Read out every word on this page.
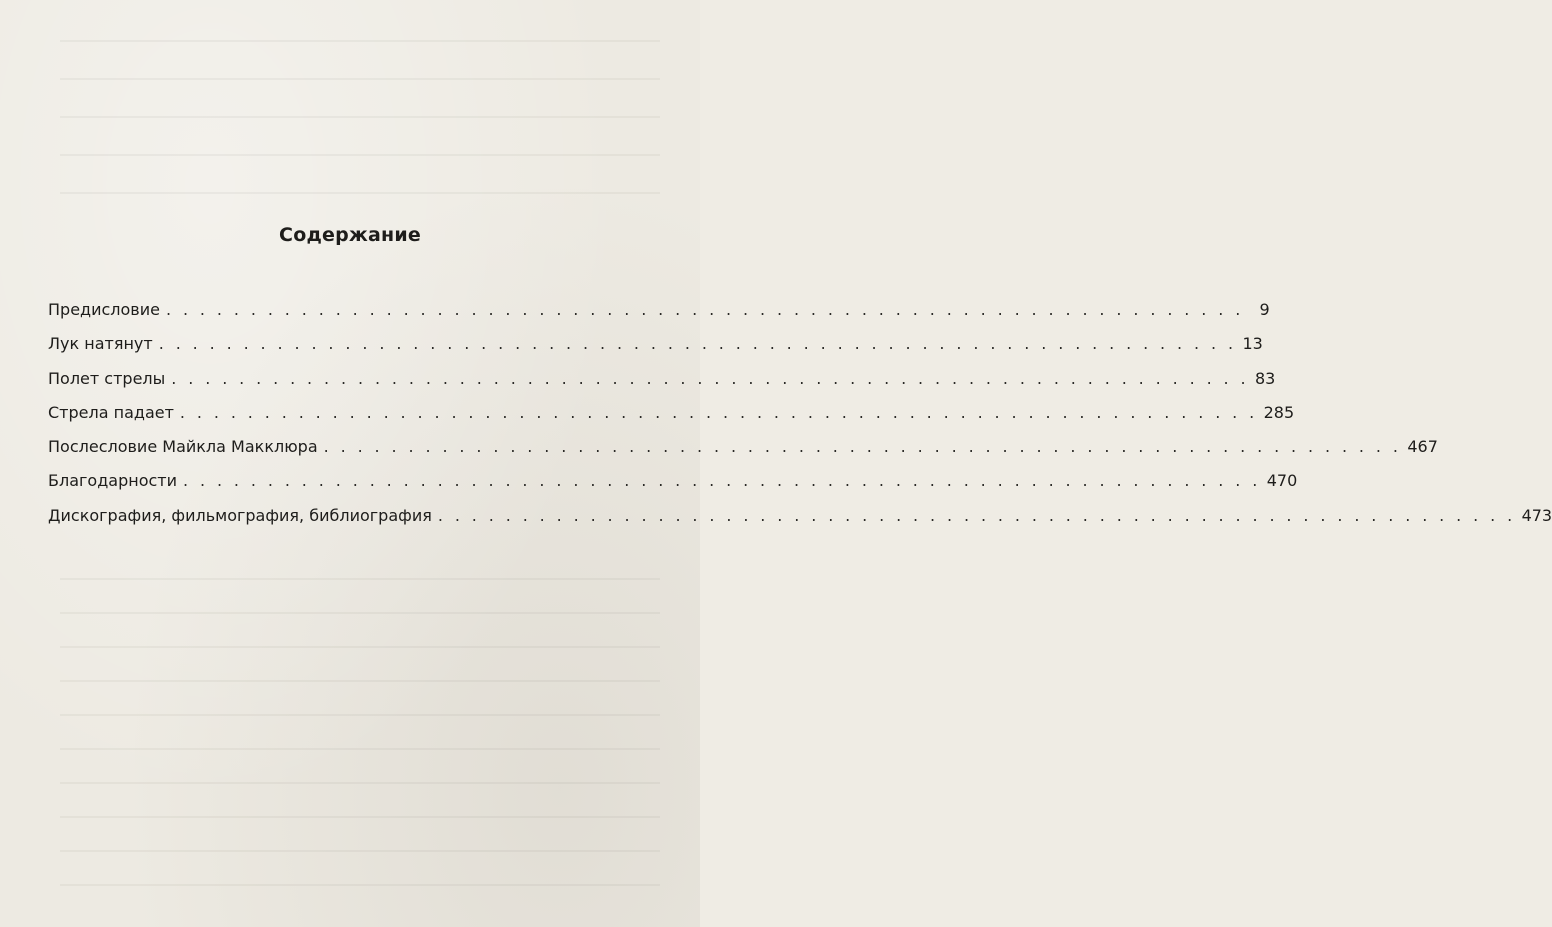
Содержание
Предисловие . . . . . . . . . . . . . . . . . . . . . . . . . . . . . . . . . . . . . . . . . . . . . . . . . . . . . . . . . . . . . . . . 9
Лук натянут . . . . . . . . . . . . . . . . . . . . . . . . . . . . . . . . . . . . . . . . . . . . . . . . . . . . . . . . . . . . . . . . 13
Полет стрелы . . . . . . . . . . . . . . . . . . . . . . . . . . . . . . . . . . . . . . . . . . . . . . . . . . . . . . . . . . . . . . . . 83
Стрела падает . . . . . . . . . . . . . . . . . . . . . . . . . . . . . . . . . . . . . . . . . . . . . . . . . . . . . . . . . . . . . . . . 285
Послесловие Майкла Макклюра . . . . . . . . . . . . . . . . . . . . . . . . . . . . . . . . . . . . . . . . . . . . . . . . . . . . . . . . . . . . . . . . 467
Благодарности . . . . . . . . . . . . . . . . . . . . . . . . . . . . . . . . . . . . . . . . . . . . . . . . . . . . . . . . . . . . . . . . 470
Дискография, фильмография, библиография . . . . . . . . . . . . . . . . . . . . . . . . . . . . . . . . . . . . . . . . . . . . . . . . . . . . . . . . . . . . . . . . 473
